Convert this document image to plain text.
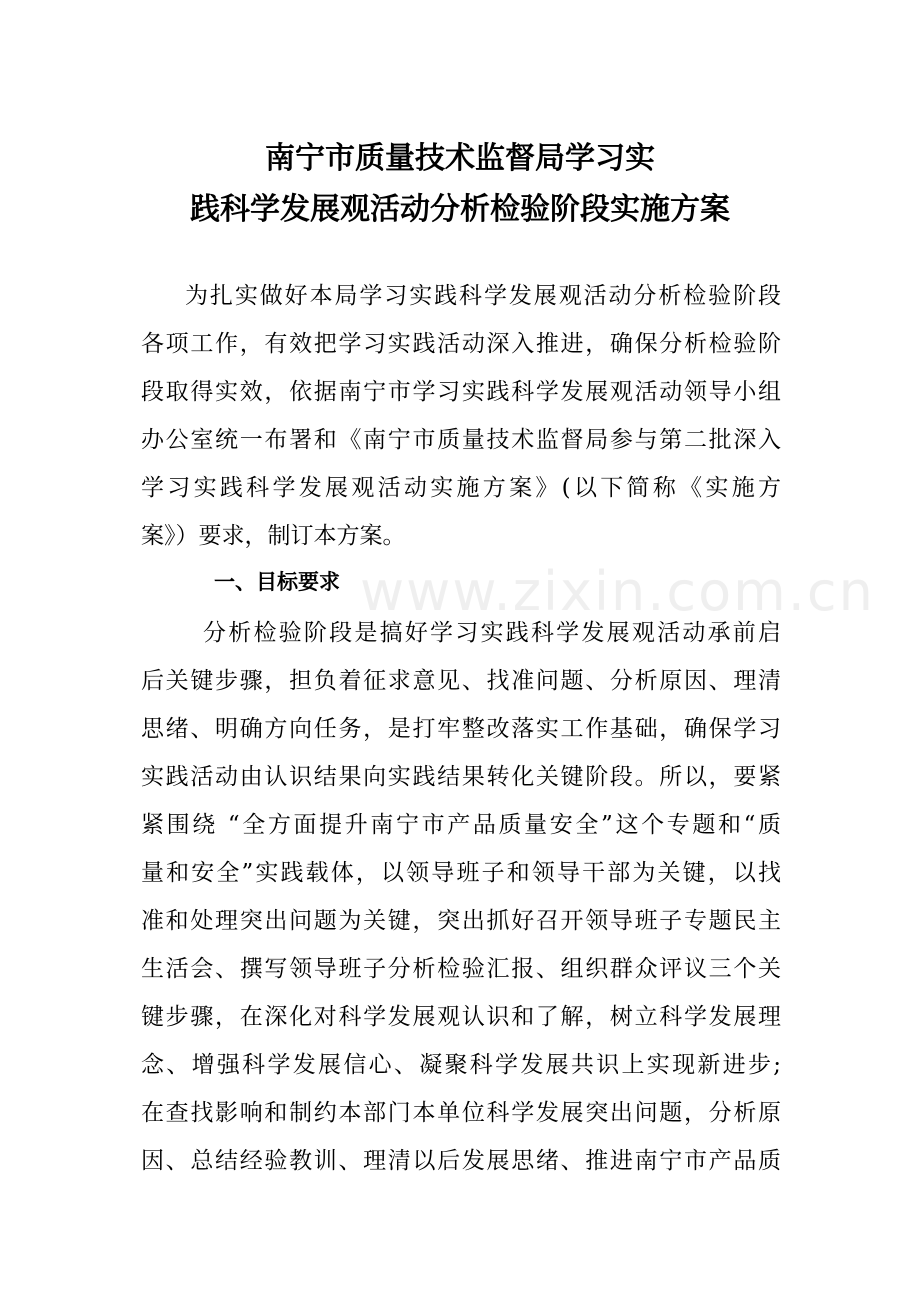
南宁市质量技术监督局学习实
践科学发展观活动分析检验阶段实施方案
为扎实做好本局学习实践科学发展观活动分析检验阶段
各项工作，有效把学习实践活动深入推进，确保分析检验阶
段取得实效，依据南宁市学习实践科学发展观活动领导小组
办公室统一布署和《南宁市质量技术监督局参与第二批深入
学习实践科学发展观活动实施方案》(以下简称《实施方
案》）要求，制订本方案。
一、目标要求
分析检验阶段是搞好学习实践科学发展观活动承前启
后关键步骤，担负着征求意见、找准问题、分析原因、理清
思绪、明确方向任务，是打牢整改落实工作基础，确保学习
实践活动由认识结果向实践结果转化关键阶段。所以，要紧
紧围绕 “全方面提升南宁市产品质量安全”这个专题和“质
量和安全”实践载体，以领导班子和领导干部为关键，以找
准和处理突出问题为关键，突出抓好召开领导班子专题民主
生活会、撰写领导班子分析检验汇报、组织群众评议三个关
键步骤，在深化对科学发展观认识和了解，树立科学发展理
念、增强科学发展信心、凝聚科学发展共识上实现新进步;
在查找影响和制约本部门本单位科学发展突出问题，分析原
因、总结经验教训、理清以后发展思绪、推进南宁市产品质
www.zixin.com.cn
